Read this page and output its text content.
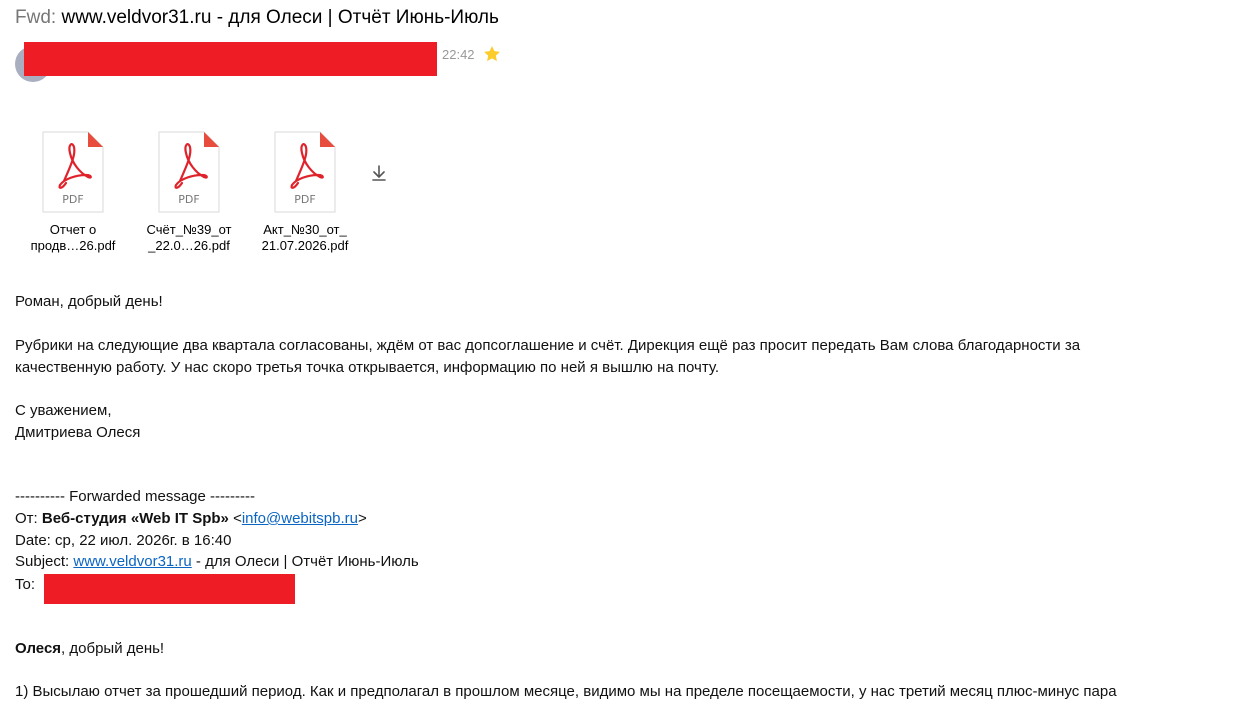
Fwd: www.veldvor31.ru - для Олеси | Отчёт Июнь-Июль
22:42
PDF
Отчет о
продв…26.pdf
PDF
Счёт_№39_от
_22.0…26.pdf
PDF
Акт_№30_от_
21.07.2026.pdf
Роман, добрый день!
Рубрики на следующие два квартала согласованы, ждём от вас допсоглашение и счёт. Дирекция ещё раз просит передать Вам слова благодарности за
качественную работу. У нас скоро третья точка открывается, информацию по ней я вышлю на почту.
С уважением,
Дмитриева Олеся
---------- Forwarded message ---------
От: Веб-студия «Web IT Spb» <info@webitspb.ru>
Date: ср, 22 июл. 2026г. в 16:40
Subject: www.veldvor31.ru - для Олеси | Отчёт Июнь-Июль
To:
Олеся, добрый день!
1) Высылаю отчет за прошедший период. Как и предполагал в прошлом месяце, видимо мы на пределе посещаемости, у нас третий месяц плюс-минус пара
